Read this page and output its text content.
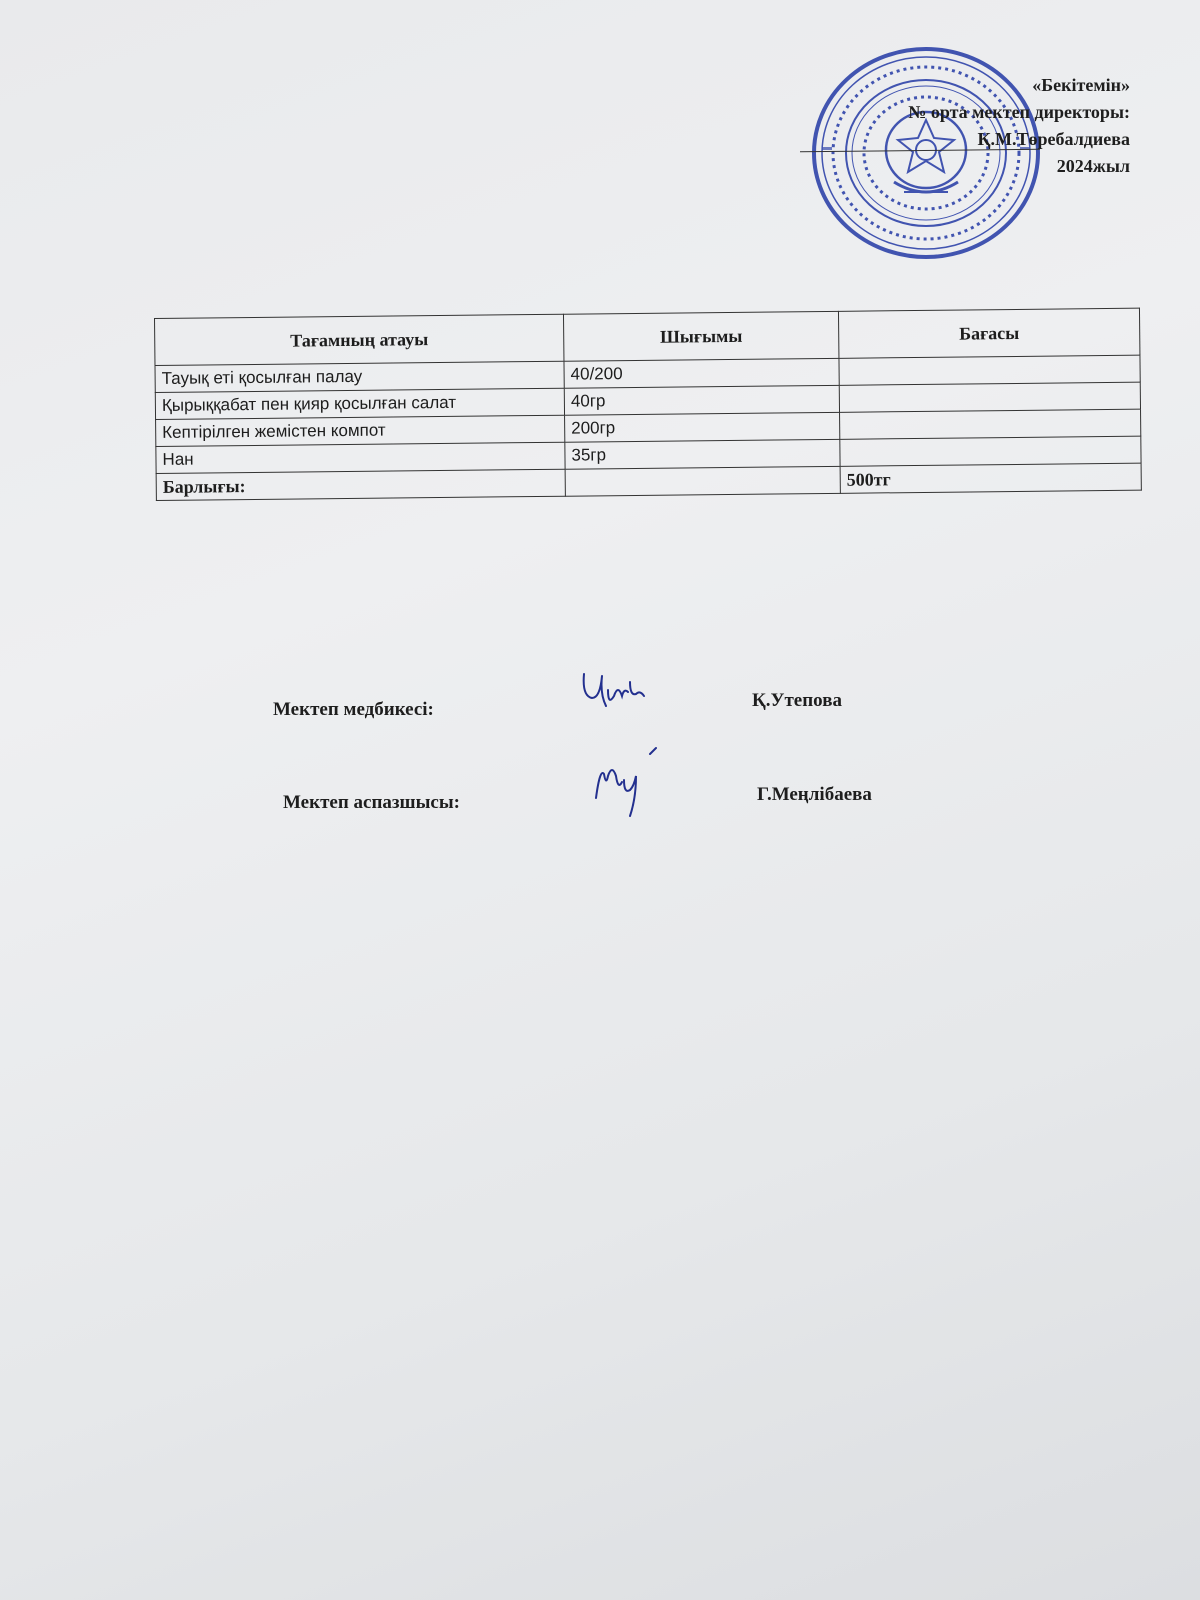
«Бекітемін»
№ орта мектеп директоры:
Қ.М.Төребалдиева
2024жыл
Тағамның атауы	Шығымы	Бағасы
Тауық еті қосылған палау	40/200	
Қырыққабат пен қияр қосылған салат	40гр	
Кептірілген жемістен компот	200гр	
Нан	35гр	
Барлығы:		500тг
Мектеп медбикесі:	Қ.Утепова
Мектеп аспазшысы:	Г.Меңлібаева
